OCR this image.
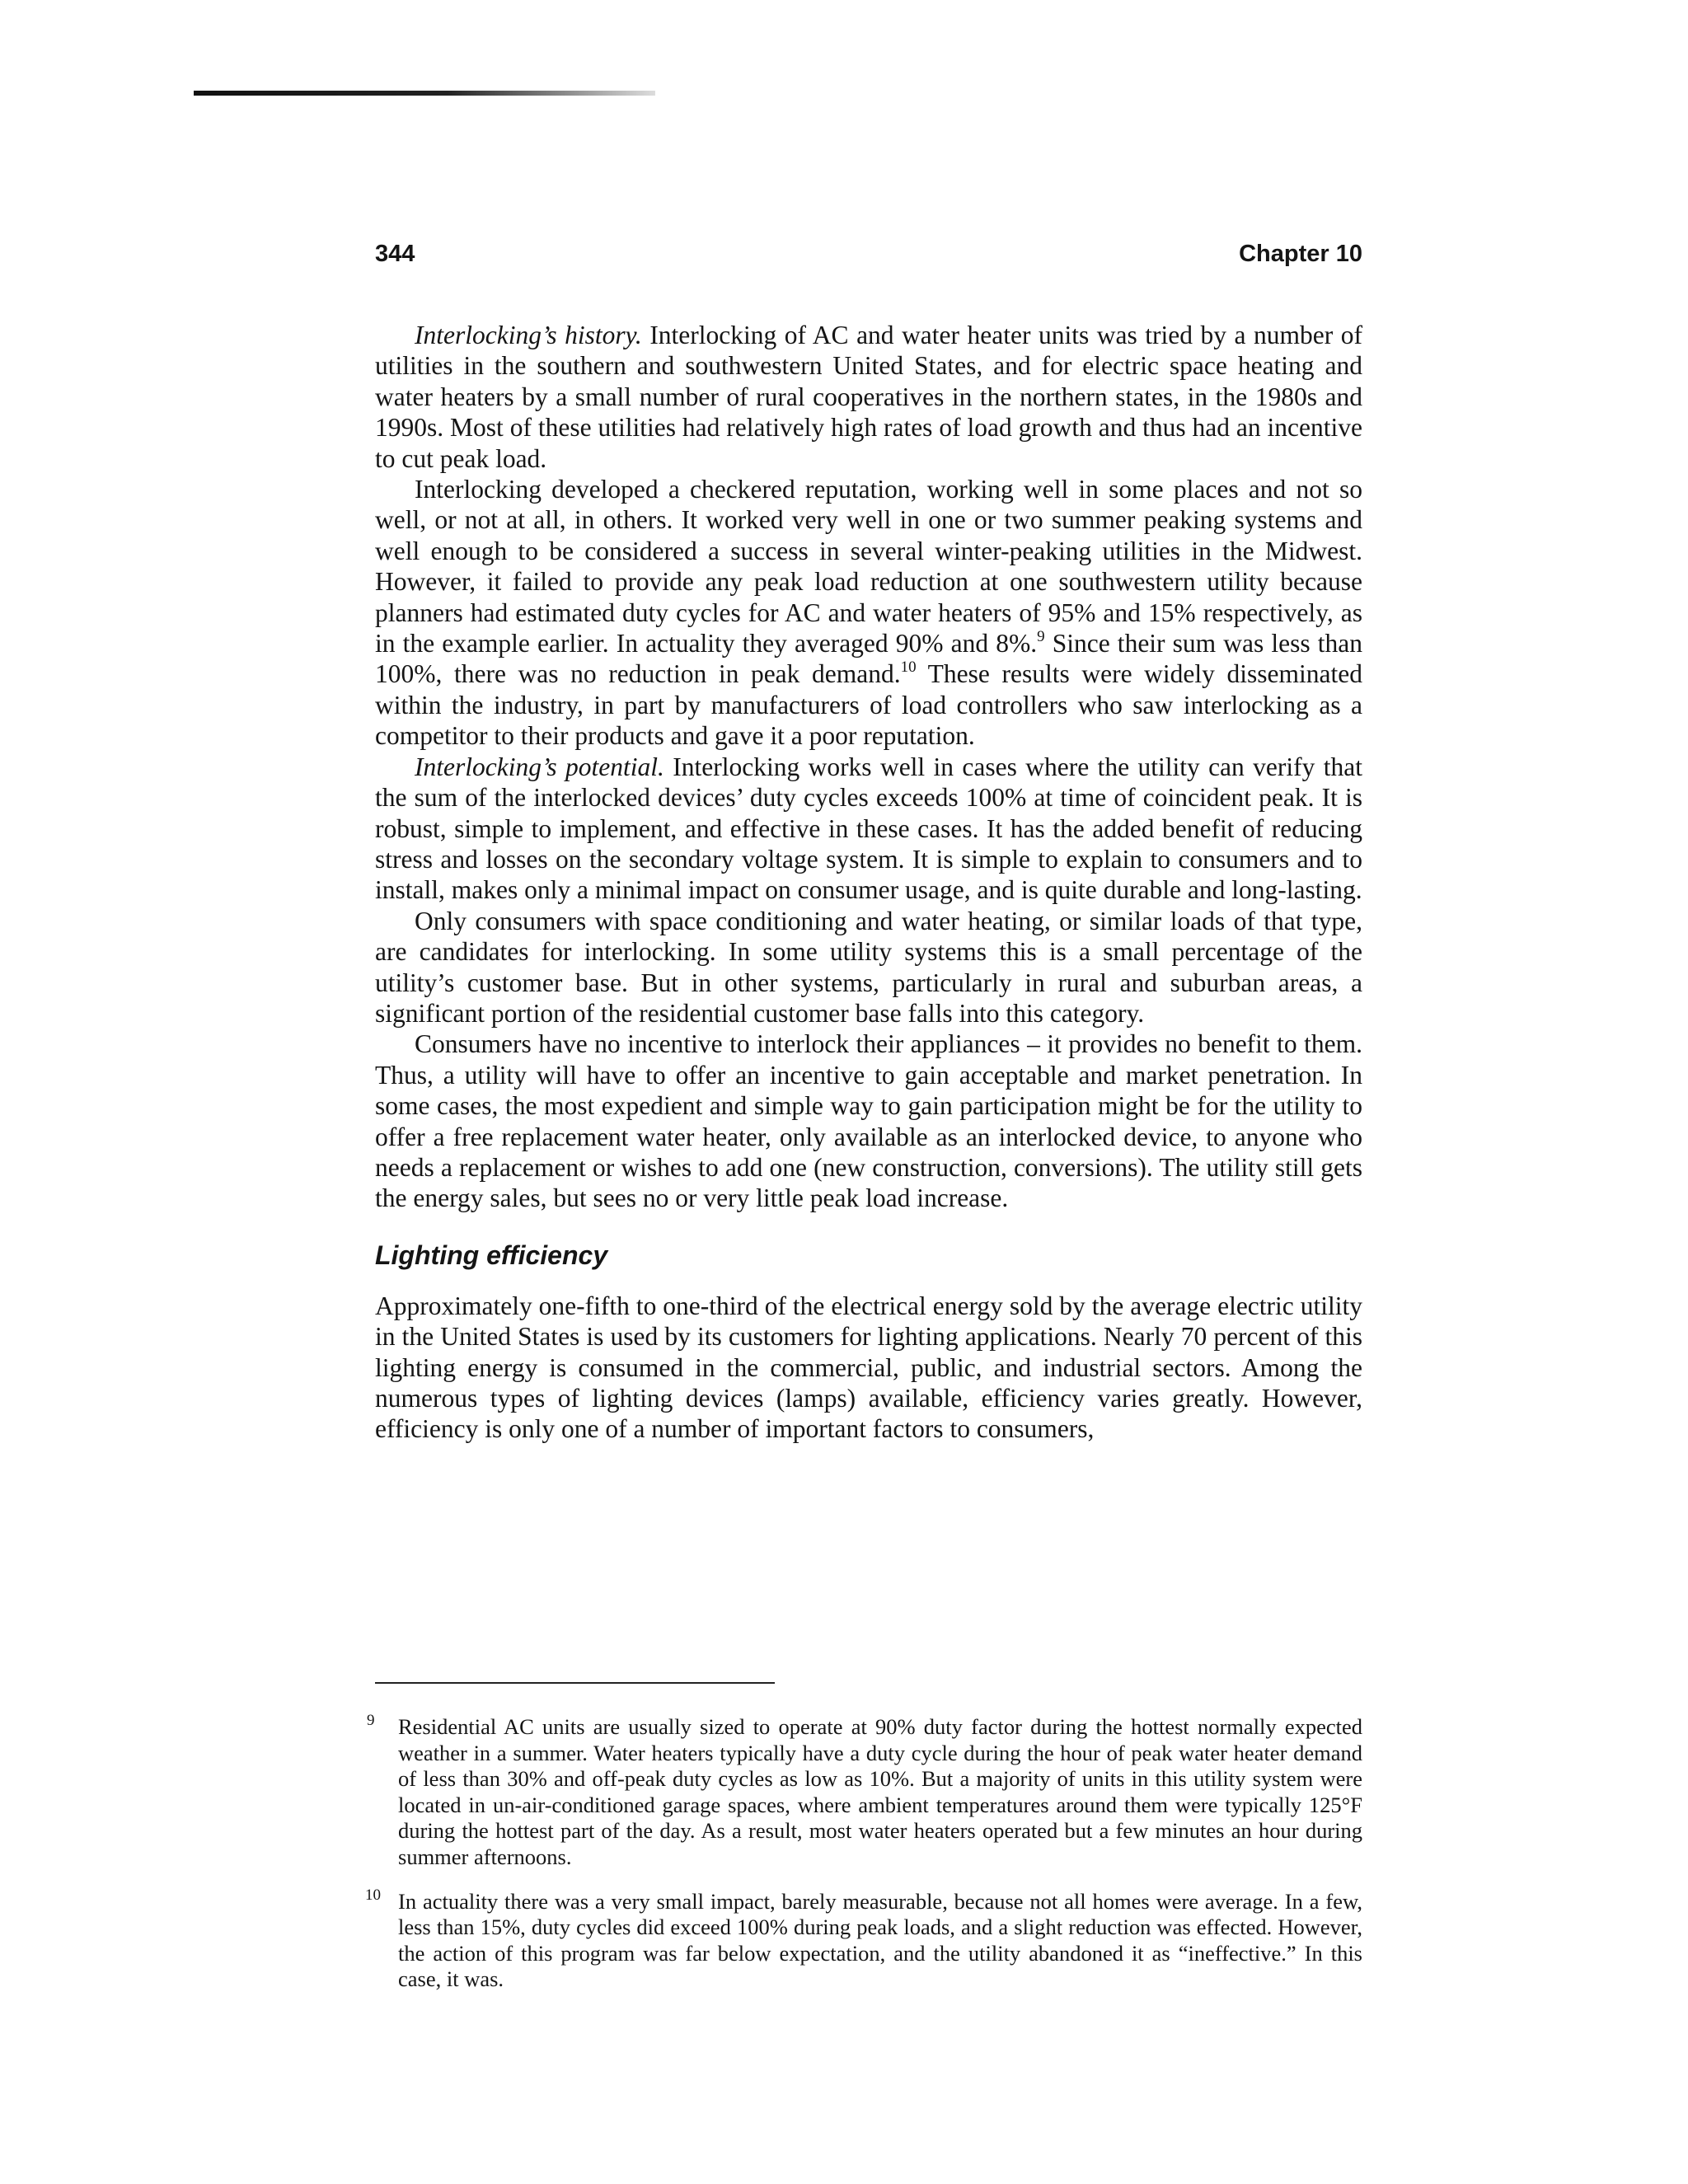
344	Chapter 10

Interlocking’s history. Interlocking of AC and water heater units was tried by a number of utilities in the southern and southwestern United States, and for electric space heating and water heaters by a small number of rural cooperatives in the northern states, in the 1980s and 1990s. Most of these utilities had relatively high rates of load growth and thus had an incentive to cut peak load.

Interlocking developed a checkered reputation, working well in some places and not so well, or not at all, in others. It worked very well in one or two summer peaking systems and well enough to be considered a success in several winter-peaking utilities in the Midwest. However, it failed to provide any peak load reduction at one southwestern utility because planners had estimated duty cycles for AC and water heaters of 95% and 15% respectively, as in the example earlier. In actuality they averaged 90% and 8%.$^9$ Since their sum was less than 100%, there was no reduction in peak demand.$^{10}$ These results were widely disseminated within the industry, in part by manufacturers of load controllers who saw interlocking as a competitor to their products and gave it a poor reputation.

Interlocking’s potential. Interlocking works well in cases where the utility can verify that the sum of the interlocked devices’ duty cycles exceeds 100% at time of coincident peak. It is robust, simple to implement, and effective in these cases. It has the added benefit of reducing stress and losses on the secondary voltage system. It is simple to explain to consumers and to install, makes only a minimal impact on consumer usage, and is quite durable and long-lasting.

Only consumers with space conditioning and water heating, or similar loads of that type, are candidates for interlocking. In some utility systems this is a small percentage of the utility’s customer base. But in other systems, particularly in rural and suburban areas, a significant portion of the residential customer base falls into this category.

Consumers have no incentive to interlock their appliances – it provides no benefit to them. Thus, a utility will have to offer an incentive to gain acceptable and market penetration. In some cases, the most expedient and simple way to gain participation might be for the utility to offer a free replacement water heater, only available as an interlocked device, to anyone who needs a replacement or wishes to add one (new construction, conversions). The utility still gets the energy sales, but sees no or very little peak load increase.

Lighting efficiency

Approximately one-fifth to one-third of the electrical energy sold by the average electric utility in the United States is used by its customers for lighting applications. Nearly 70 percent of this lighting energy is consumed in the commercial, public, and industrial sectors. Among the numerous types of lighting devices (lamps) available, efficiency varies greatly. However, efficiency is only one of a number of important factors to consumers,

9 Residential AC units are usually sized to operate at 90% duty factor during the hottest normally expected weather in a summer. Water heaters typically have a duty cycle during the hour of peak water heater demand of less than 30% and off-peak duty cycles as low as 10%. But a majority of units in this utility system were located in un-air-conditioned garage spaces, where ambient temperatures around them were typically 125°F during the hottest part of the day. As a result, most water heaters operated but a few minutes an hour during summer afternoons.
10 In actuality there was a very small impact, barely measurable, because not all homes were average. In a few, less than 15%, duty cycles did exceed 100% during peak loads, and a slight reduction was effected. However, the action of this program was far below expectation, and the utility abandoned it as “ineffective.” In this case, it was.
